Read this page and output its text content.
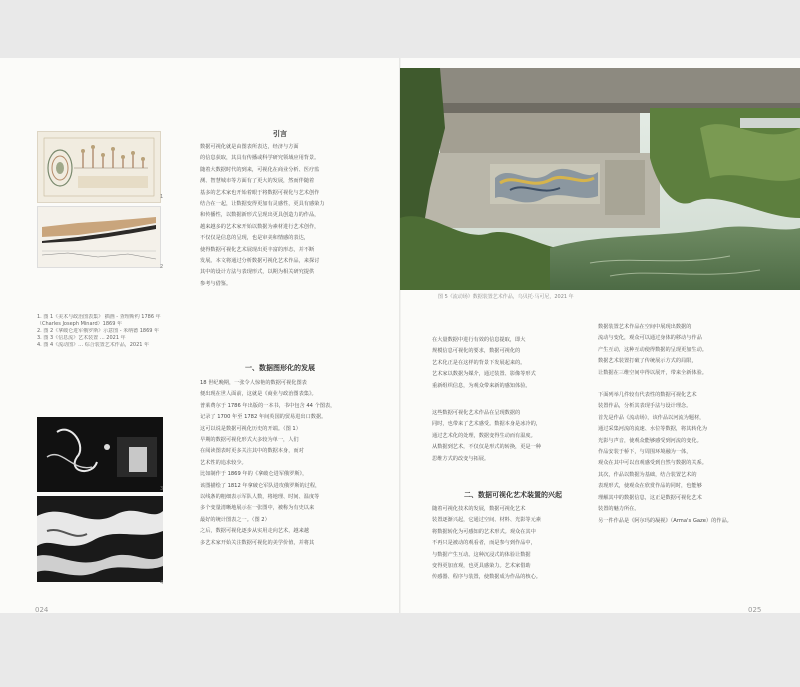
1
2
1. 图 1《美术与政治图表集》 插画 - 查理斯约 1786 年
（Charles Joseph Minard）1869 年
2. 图 2《拿破仑进军俄罗斯》示意图 - 米纳德 1869 年
3. 图 3《信息流》艺术装置 … 2021 年
4. 图 4《流动图》… 综合装置艺术作品，2021 年
3
4
引言
数据可视化就是由图表所表达，经济与方面
的信息获取，其具有传播或科学研究领域应用背景。
随着大数据时代的到来，可视化在商业分析、医疗监
测、智慧城市等方面有了更大的发展，然而伴随着
基多的艺术家也开始着眼于将数据可视化与艺术创作
结合在一起，让数据变得更加有灵感性，更具有感染力
和传播性，以数据新形式呈现出更具创造力的作品，
越来越多的艺术家开始以数据为素材进行艺术创作，
不仅仅是信息的呈现，也是审美和情感的表达，
使得数据可视化艺术展现出更丰富的形态，并不断
发展。本文将通过分析数据可视化艺术作品，来探讨
其中的设计方法与表现形式，以期为相关研究提供
参考与借鉴。
一、数据图形化的发展
18 世纪晚期，一张令人惊艳的数据可视化图表
便出现在世人面前，这就是《商业与政治图表集》。
普莱费尔于 1786 年出版的一本书，书中包含 44 个图表，
记录了 1700 年至 1782 年间英国的贸易进出口数据。
这可以说是数据可视化历史的开端。（图 1）
早期的数据可视化形式大多较为单一，人们
在阅读图表时更多关注其中的数据本身，而对
艺术性的追求较少。
比如制作于 1869 年的《拿破仑进军俄罗斯》，
该图描绘了 1812 年拿破仑军队进攻俄罗斯的过程，
以线条的粗细表示军队人数，将地理、时间、温度等
多个变量清晰地展示在一张图中，被称为有史以来
最好的统计图表之一。（图 2）
之后，数据可视化逐步从实用走向艺术，越来越
多艺术家开始关注数据可视化的美学价值，并将其
024
图 5《流动场》数据装置艺术作品，乌贝托·马可尼，2021 年
在大量数据中进行有效的信息提取，即大
规模信息可视化的要求，数据可视化的
艺术化正是在这样的背景下发展起来的。
艺术家以数据为媒介，通过装置、影像等形式
重新组织信息，为观众带来新的感知体验。
这些数据可视化艺术作品在呈现数据的
同时，也带来了艺术感受。数据本身是冰冷的，
通过艺术化的处理，数据变得生动而有温度。
从数据到艺术，不仅仅是形式的转换，更是一种
思维方式的改变与拓展。
二、数据可视化艺术装置的兴起
随着可视化技术的发展，数据可视化艺术
装置逐渐兴起，它通过空间、材料、光影等元素
将数据转化为可感知的艺术形式。观众在其中
不再只是被动的观看者，而是参与到作品中，
与数据产生互动。这种沉浸式的体验让数据
变得更加直观，也更具感染力。艺术家借助
传感器、程序与装置，使数据成为作品的核心。
数据装置艺术作品在空间中展现出数据的
流动与变化，观众可以通过身体的移动与作品
产生互动，这种互动使得数据的呈现更加生动。
数据艺术装置打破了传统展示方式的局限，
让数据在三维空间中得以展开，带来全新体验。
下面列举几件较有代表性的数据可视化艺术
装置作品，分析其表现手法与设计理念。
首先是作品《流动场》，该作品以河流为题材，
通过采集河流的流速、水位等数据，将其转化为
光影与声音，使观众能够感受到河流的变化。
作品安装于桥下，与周围环境融为一体，
观众在其中可以直观感受到自然与数据的关系。
其次，作品以数据为基础，结合装置艺术的
表现形式，使观众在欣赏作品的同时，也能够
理解其中的数据信息，这正是数据可视化艺术
装置的魅力所在。
另一件作品是《阿尔玛的凝视》（Arma's Gaze）的作品。
025
